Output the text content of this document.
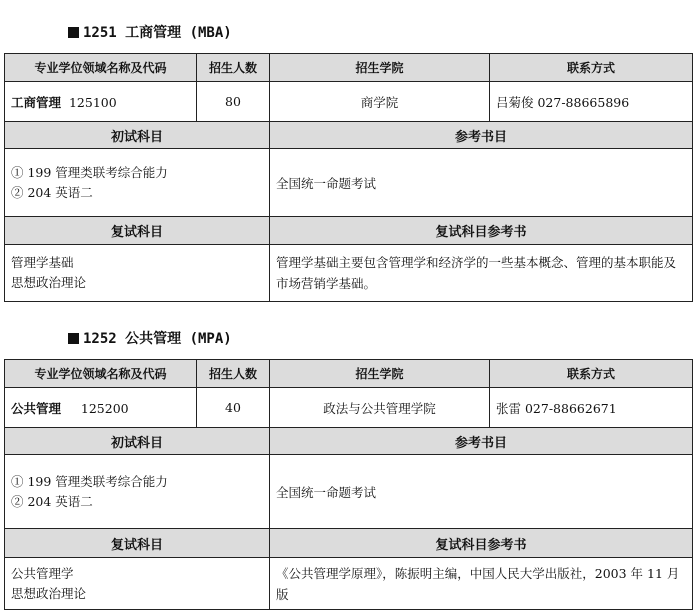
1251 工商管理 (MBA)
专业学位领域名称及代码	招生人数	招生学院	联系方式
工商管理 125100	80	商学院	吕菊俊 027-88665896
初试科目		参考书目	

① 199 管理类联考综合能力
② 204 英语二		全国统一命题考试	
复试科目		复试科目参考书	

管理学基础
思想政治理论		管理学基础主要包含管理学和经济学的一些基本概念、管理的基本职能及市场营销学基础。	
1252 公共管理 (MPA)
专业学位领域名称及代码	招生人数	招生学院	联系方式
公共管理 125200	40	政法与公共管理学院	张雷 027-88662671
初试科目		参考书目	

① 199 管理类联考综合能力
② 204 英语二		全国统一命题考试	
复试科目		复试科目参考书	

公共管理学
思想政治理论		《公共管理学原理》，陈振明主编，中国人民大学出版社，2003 年 11 月版	
